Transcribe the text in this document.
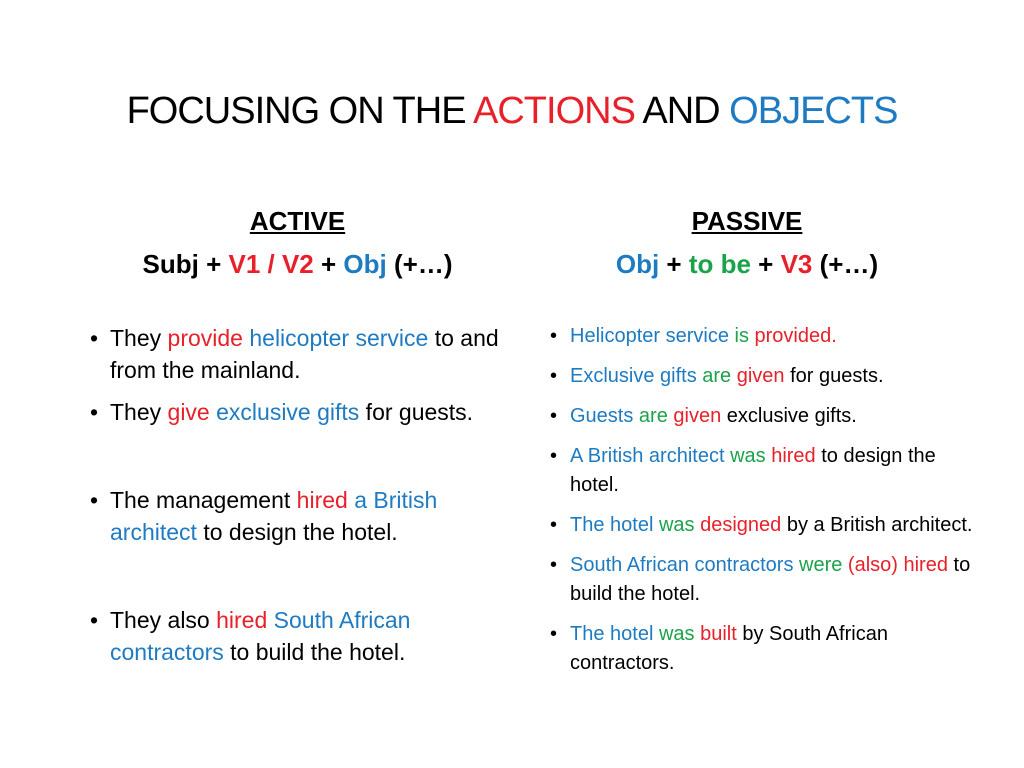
FOCUSING ON THE ACTIONS AND OBJECTS
ACTIVE
Subj + V1 / V2 + Obj (+…)
PASSIVE
Obj + to be + V3 (+…)
• They provide helicopter service to and from the mainland.
• They give exclusive gifts for guests.
• The management hired a British architect to design the hotel.
• They also hired South African contractors to build the hotel.
• Helicopter service is provided.
• Exclusive gifts are given for guests.
• Guests are given exclusive gifts.
• A British architect was hired to design the hotel.
• The hotel was designed by a British architect.
• South African contractors were (also) hired to build the hotel.
• The hotel was built by South African contractors.
